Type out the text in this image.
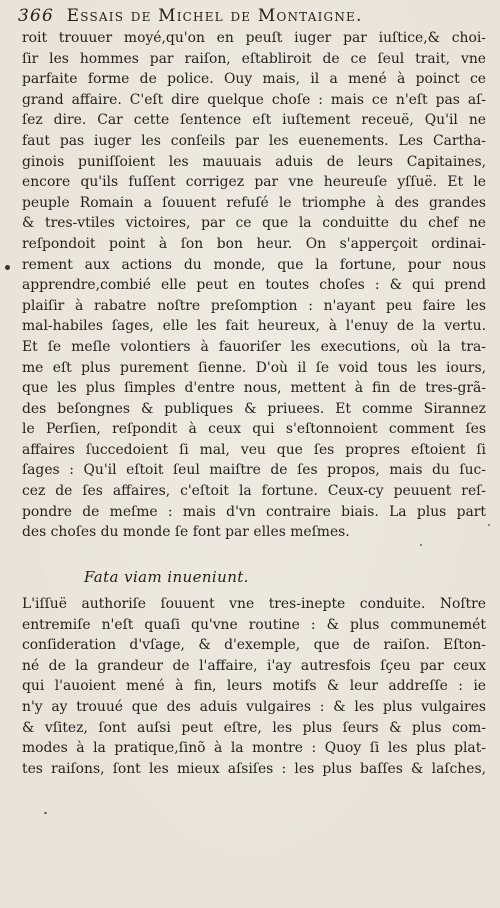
366 Essais de Michel de Montaigne.
roit trouuer moyé,qu'on en peuſt iuger par iuſtice,& choi-
ſir les hommes par raiſon, eſtabliroit de ce ſeul trait, vne
parfaite forme de police. Ouy mais, il a mené à poinct ce
grand affaire. C'eſt dire quelque choſe : mais ce n'eſt pas aſ-
ſez dire. Car cette ſentence eſt iuſtement receuë, Qu'il ne
faut pas iuger les conſeils par les euenements. Les Cartha-
ginois puniſſoient les mauuais aduis de leurs Capitaines,
encore qu'ils fuſſent corrigez par vne heureuſe yſſuë. Et le
peuple Romain a ſouuent refuſé le triomphe à des grandes
& tres-vtiles victoires, par ce que la conduitte du chef ne
reſpondoit point à ſon bon heur. On s'apperçoit ordinai-
rement aux actions du monde, que la fortune, pour nous
apprendre,combié elle peut en toutes choſes : & qui prend
plaiſir à rabatre noſtre preſomption : n'ayant peu faire les
mal-habiles ſages, elle les fait heureux, à l'enuy de la vertu.
Et ſe meſle volontiers à fauoriſer les executions, où la tra-
me eſt plus purement ſienne. D'où il ſe void tous les iours,
que les plus ſimples d'entre nous, mettent à fin de tres-grã-
des beſongnes & publiques & priuees. Et comme Sirannez
le Perſien, reſpondit à ceux qui s'eſtonnoient comment ſes
affaires ſuccedoient ſi mal, veu que ſes propres eſtoient ſi
ſages : Qu'il eſtoit ſeul maiſtre de ſes propos, mais du ſuc-
cez de ſes affaires, c'eſtoit la fortune. Ceux-cy peuuent reſ-
pondre de meſme : mais d'vn contraire biais. La plus part
des choſes du monde ſe font par elles meſmes.
Fata viam inueniunt.
L'iſſuë authoriſe ſouuent vne tres-inepte conduite. Noſtre
entremiſe n'eſt quaſi qu'vne routine : & plus communemét
conſideration d'vſage, & d'exemple, que de raiſon. Eſton-
né de la grandeur de l'affaire, i'ay autresfois ſçeu par ceux
qui l'auoient mené à fin, leurs motifs & leur addreſſe : ie
n'y ay trouué que des aduis vulgaires : & les plus vulgaires
& vſitez, ſont auſsi peut eſtre, les plus ſeurs & plus com-
modes à la pratique,ſinõ à la montre : Quoy ſi les plus plat-
tes raiſons, ſont les mieux aſsiſes : les plus baſſes & laſches,
